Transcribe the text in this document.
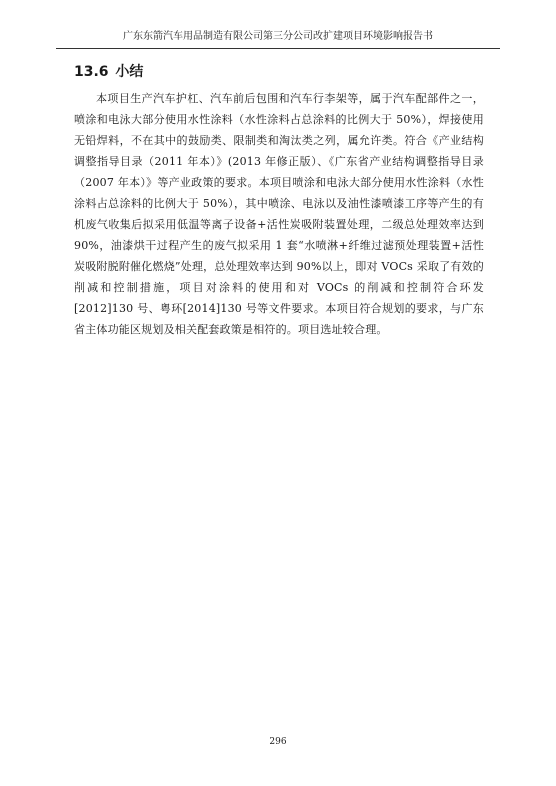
广东东箭汽车用品制造有限公司第三分公司改扩建项目环境影响报告书
13.6 小结

本项目生产汽车护杠、汽车前后包围和汽车行李架等，属于汽车配部件之一，喷涂和电泳大部分使用水性涂料（水性涂料占总涂料的比例大于 50%），焊接使用无铅焊料，不在其中的鼓励类、限制类和淘汰类之列，属允许类。符合《产业结构调整指导目录（2011 年本）》(2013 年修正版）、《广东省产业结构调整指导目录（2007 年本）》等产业政策的要求。本项目喷涂和电泳大部分使用水性涂料（水性涂料占总涂料的比例大于 50%），其中喷涂、电泳以及油性漆喷漆工序等产生的有机废气收集后拟采用低温等离子设备+活性炭吸附装置处理，二级总处理效率达到 90%，油漆烘干过程产生的废气拟采用 1 套“水喷淋+纤维过滤预处理装置+活性炭吸附脱附催化燃烧”处理，总处理效率达到 90%以上，即对 VOCs 采取了有效的削减和控制措施，项目对涂料的使用和对 VOCs 的削减和控制符合环发[2012]130 号、粤环[2014]130 号等文件要求。本项目符合规划的要求，与广东省主体功能区规划及相关配套政策是相符的。项目选址较合理。

296
